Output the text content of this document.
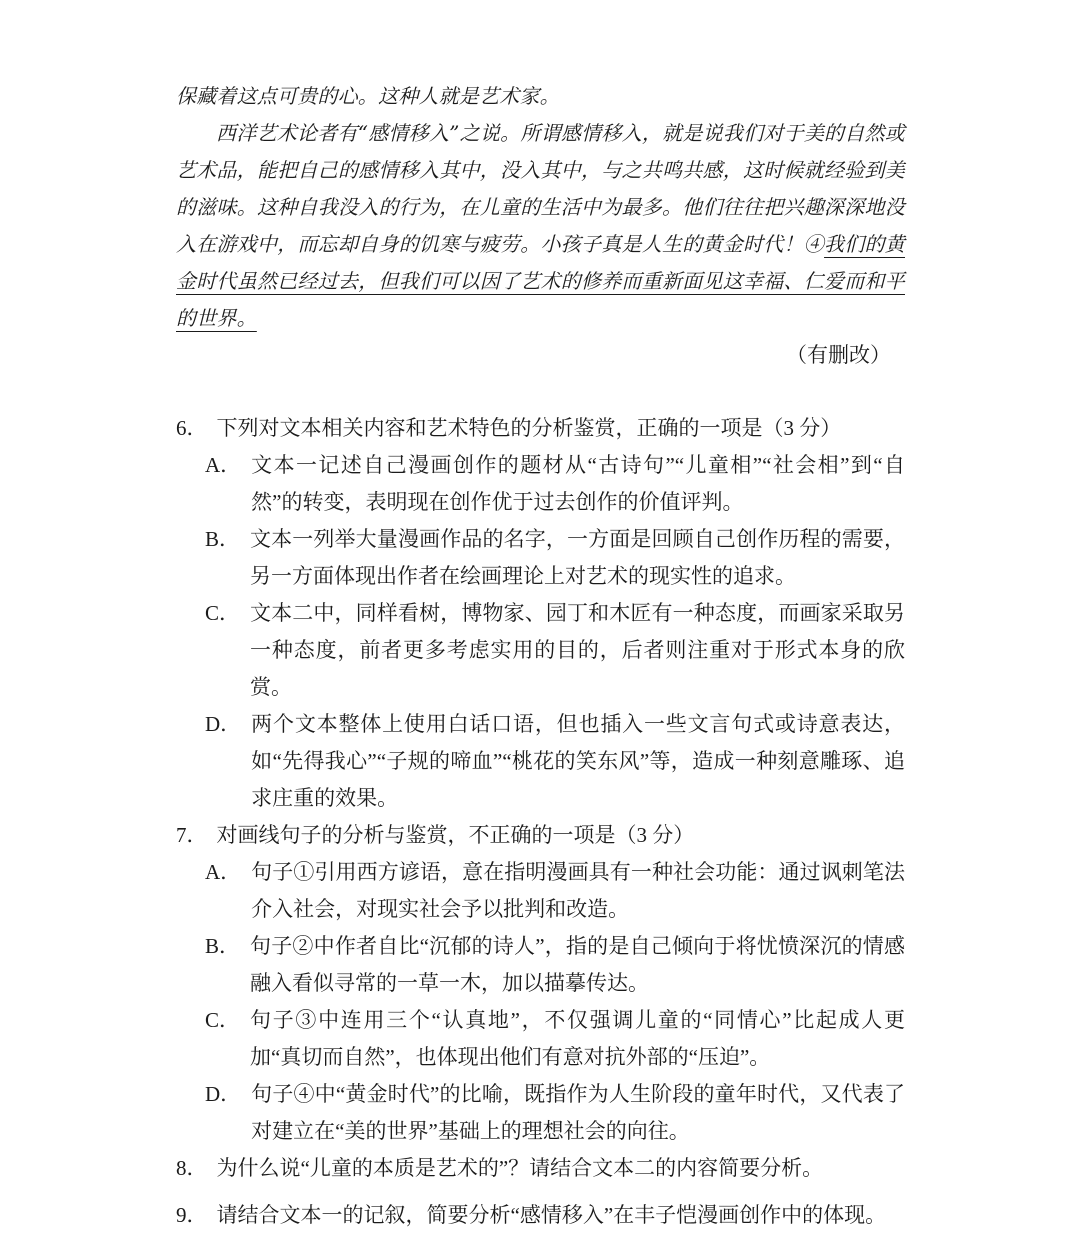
保藏着这点可贵的心。这种人就是艺术家。

西洋艺术论者有“感情移入”之说。所谓感情移入，就是说我们对于美的自然或艺术品，能把自己的感情移入其中，没入其中，与之共鸣共感，这时候就经验到美的滋味。这种自我没入的行为，在儿童的生活中为最多。他们往往把兴趣深深地没入在游戏中，而忘却自身的饥寒与疲劳。小孩子真是人生的黄金时代！④我们的黄金时代虽然已经过去，但我们可以因了艺术的修养而重新面见这幸福、仁爱而和平的世界。

（有删改）
6． 下列对文本相关内容和艺术特色的分析鉴赏，正确的一项是（3 分）
A． 文本一记述自己漫画创作的题材从“古诗句”“儿童相”“社会相”到“自然”的转变，表明现在创作优于过去创作的价值评判。
B． 文本一列举大量漫画作品的名字，一方面是回顾自己创作历程的需要，另一方面体现出作者在绘画理论上对艺术的现实性的追求。
C． 文本二中，同样看树，博物家、园丁和木匠有一种态度，而画家采取另一种态度，前者更多考虑实用的目的，后者则注重对于形式本身的欣赏。
D． 两个文本整体上使用白话口语，但也插入一些文言句式或诗意表达，如“先得我心”“子规的啼血”“桃花的笑东风”等，造成一种刻意雕琢、追求庄重的效果。
7． 对画线句子的分析与鉴赏，不正确的一项是（3 分）
A． 句子①引用西方谚语，意在指明漫画具有一种社会功能：通过讽刺笔法介入社会，对现实社会予以批判和改造。
B． 句子②中作者自比“沉郁的诗人”，指的是自己倾向于将忧愤深沉的情感融入看似寻常的一草一木，加以描摹传达。
C． 句子③中连用三个“认真地”，不仅强调儿童的“同情心”比起成人更加“真切而自然”，也体现出他们有意对抗外部的“压迫”。
D． 句子④中“黄金时代”的比喻，既指作为人生阶段的童年时代，又代表了对建立在“美的世界”基础上的理想社会的向往。
8． 为什么说“儿童的本质是艺术的”？请结合文本二的内容简要分析。
9． 请结合文本一的记叙，简要分析“感情移入”在丰子恺漫画创作中的体现。
